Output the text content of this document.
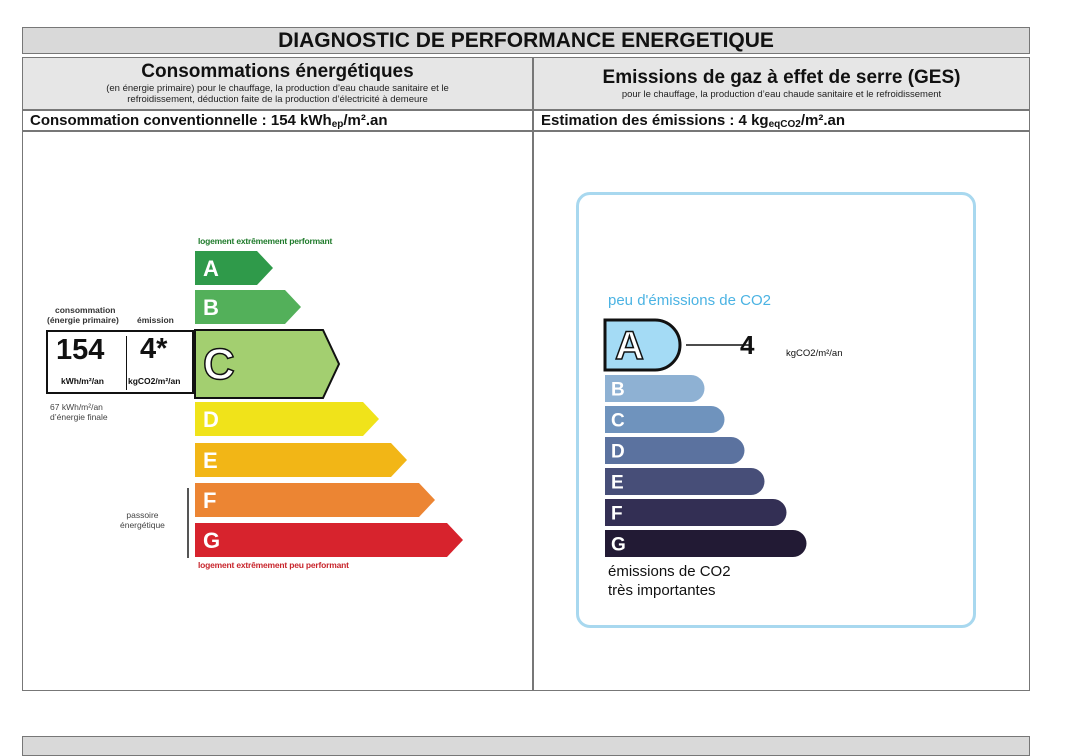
DIAGNOSTIC DE PERFORMANCE ENERGETIQUE
Consommations énergétiques
(en énergie primaire) pour le chauffage, la production d’eau chaude sanitaire et le
refroidissement, déduction faite de la production d’électricité à demeure
Emissions de gaz à effet de serre (GES)
pour le chauffage, la production d’eau chaude sanitaire et le refroidissement
Consommation conventionnelle : 154 kWh$_{ep}$/m².an	Estimation des émissions : 4 $kg_{eqCO2}/m^2.an$
logement extrêmement performant
A
B
C
D
E
F
G
logement extrêmement peu performant
consommation
(énergie primaire) émission
154 4*
kWh/m²/an	kgCO2/m²/an
67 kWh/m²/an
d’énergie finale
passoire
énergétique
peu d'émissions de CO2
A
B
C
D
E
F
G
4	kgCO2/m²/an
émissions de CO2
très importantes
